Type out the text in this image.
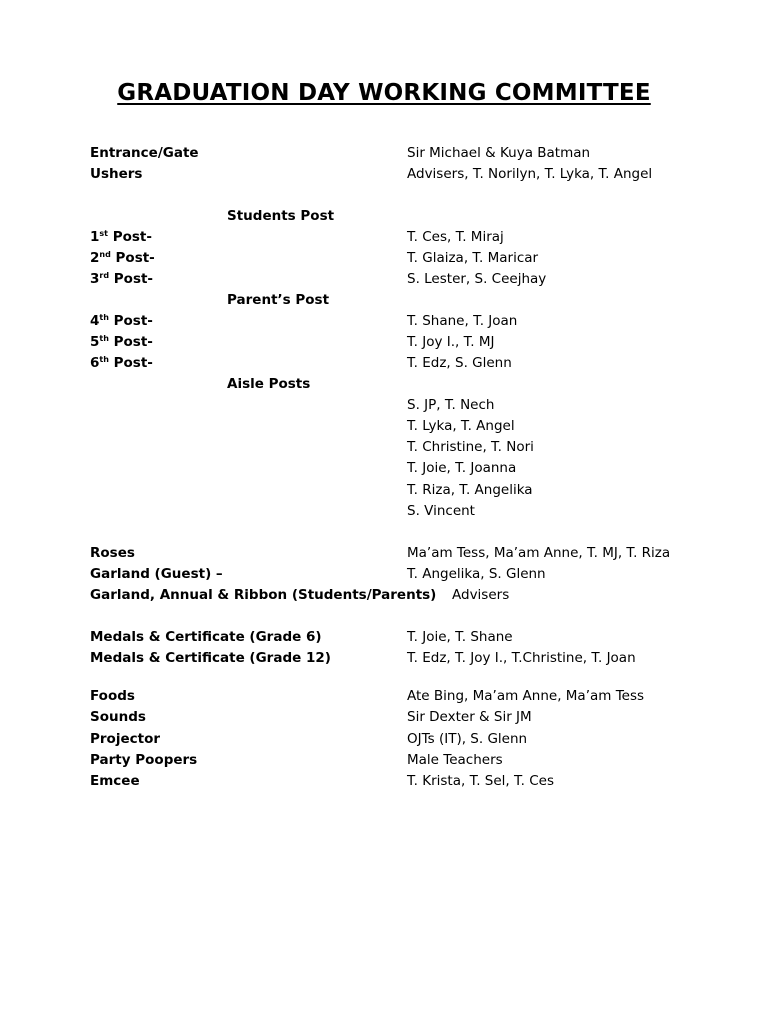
GRADUATION DAY WORKING COMMITTEE
Entrance/Gate	Sir Michael & Kuya Batman
Ushers	Advisers, T. Norilyn, T. Lyka, T. Angel
Students Post
1st Post-	T. Ces, T. Miraj
2nd Post-	T. Glaiza, T. Maricar
3rd Post-	S. Lester, S. Ceejhay
Parent’s Post
4th Post-	T. Shane, T. Joan
5th Post-	T. Joy I., T. MJ
6th Post-	T. Edz, S. Glenn
Aisle Posts
S. JP, T. Nech
T. Lyka, T. Angel
T. Christine, T. Nori
T. Joie, T. Joanna
T. Riza, T. Angelika
S. Vincent
Roses	Ma’am Tess, Ma’am Anne, T. MJ, T. Riza
Garland (Guest) –	T. Angelika, S. Glenn
Garland, Annual & Ribbon (Students/Parents) Advisers
Medals & Certificate (Grade 6)	T. Joie, T. Shane
Medals & Certificate (Grade 12)	T. Edz, T. Joy I., T.Christine, T. Joan
Foods	Ate Bing, Ma’am Anne, Ma’am Tess
Sounds	Sir Dexter & Sir JM
Projector	OJTs (IT), S. Glenn
Party Poopers	Male Teachers
Emcee	T. Krista, T. Sel, T. Ces
